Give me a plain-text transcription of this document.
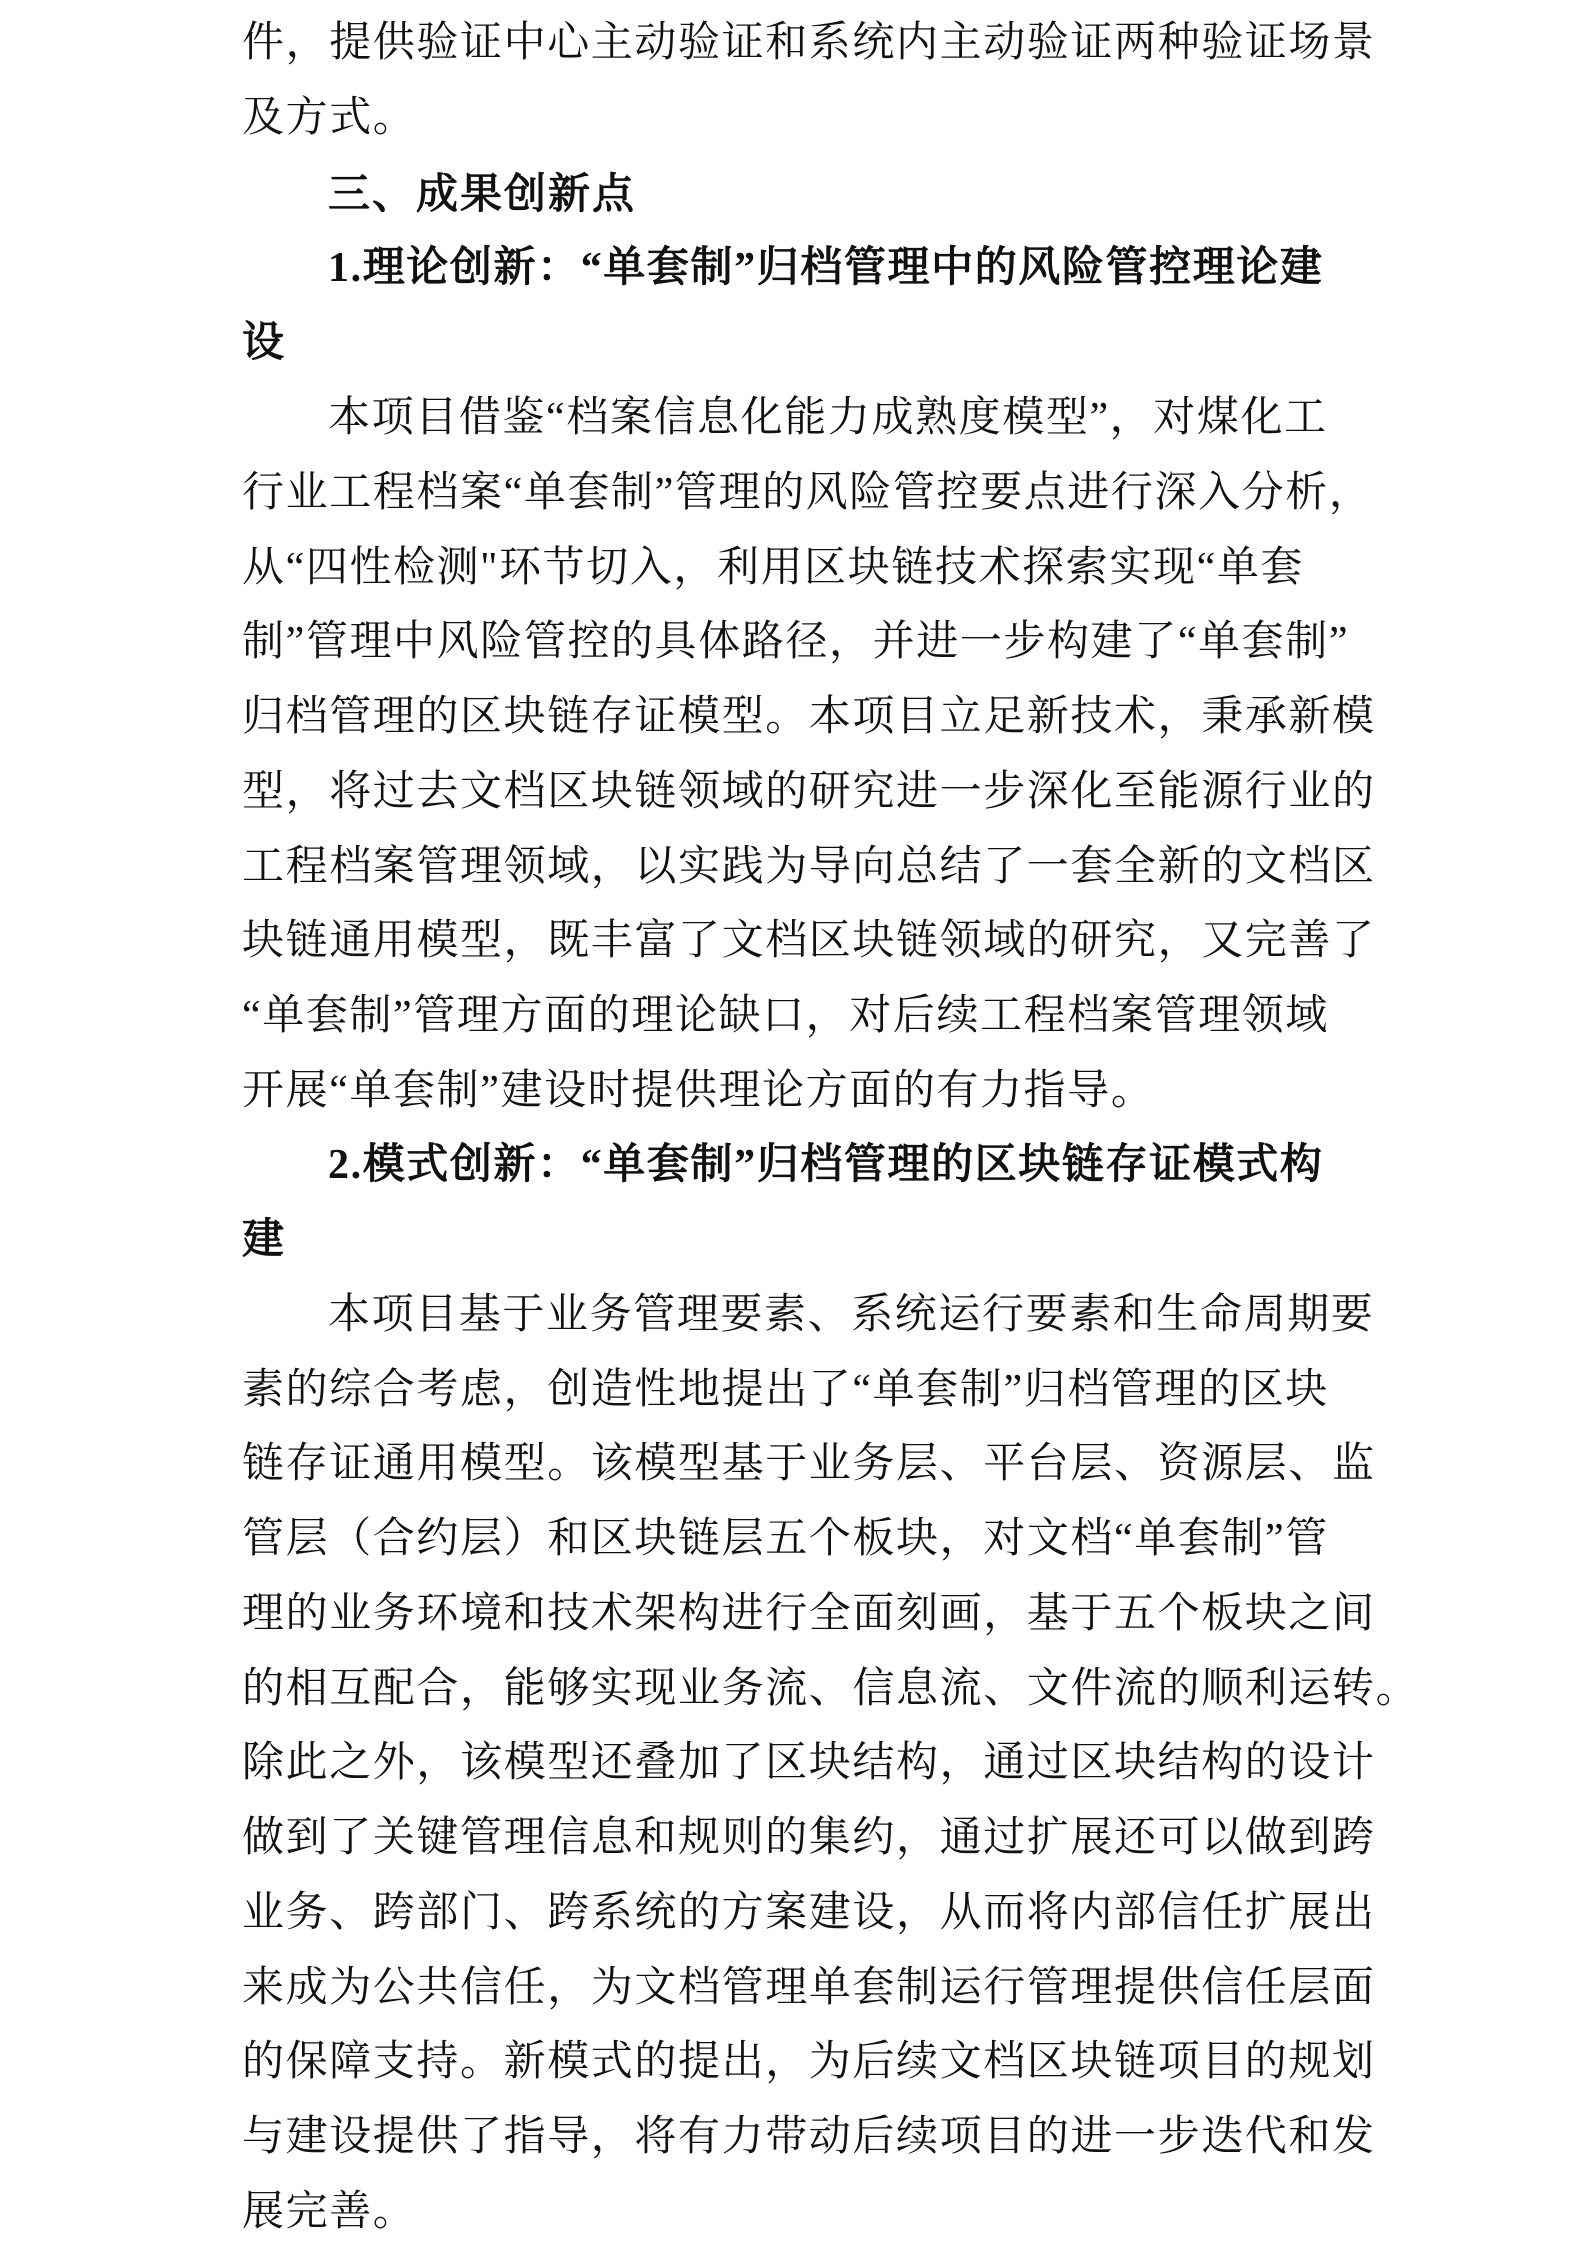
件，提供验证中心主动验证和系统内主动验证两种验证场景
及方式。
三、成果创新点
1.理论创新：“单套制”归档管理中的风险管控理论建
设
本项目借鉴“档案信息化能力成熟度模型”，对煤化工
行业工程档案“单套制”管理的风险管控要点进行深入分析，
从“四性检测"环节切入，利用区块链技术探索实现“单套
制”管理中风险管控的具体路径，并进一步构建了“单套制”
归档管理的区块链存证模型。本项目立足新技术，秉承新模
型，将过去文档区块链领域的研究进一步深化至能源行业的
工程档案管理领域，以实践为导向总结了一套全新的文档区
块链通用模型，既丰富了文档区块链领域的研究，又完善了
“单套制”管理方面的理论缺口，对后续工程档案管理领域
开展“单套制”建设时提供理论方面的有力指导。
2.模式创新：“单套制”归档管理的区块链存证模式构
建
本项目基于业务管理要素、系统运行要素和生命周期要
素的综合考虑，创造性地提出了“单套制”归档管理的区块
链存证通用模型。该模型基于业务层、平台层、资源层、监
管层（合约层）和区块链层五个板块，对文档“单套制”管
理的业务环境和技术架构进行全面刻画，基于五个板块之间
的相互配合，能够实现业务流、信息流、文件流的顺利运转。
除此之外，该模型还叠加了区块结构，通过区块结构的设计
做到了关键管理信息和规则的集约，通过扩展还可以做到跨
业务、跨部门、跨系统的方案建设，从而将内部信任扩展出
来成为公共信任，为文档管理单套制运行管理提供信任层面
的保障支持。新模式的提出，为后续文档区块链项目的规划
与建设提供了指导，将有力带动后续项目的进一步迭代和发
展完善。
